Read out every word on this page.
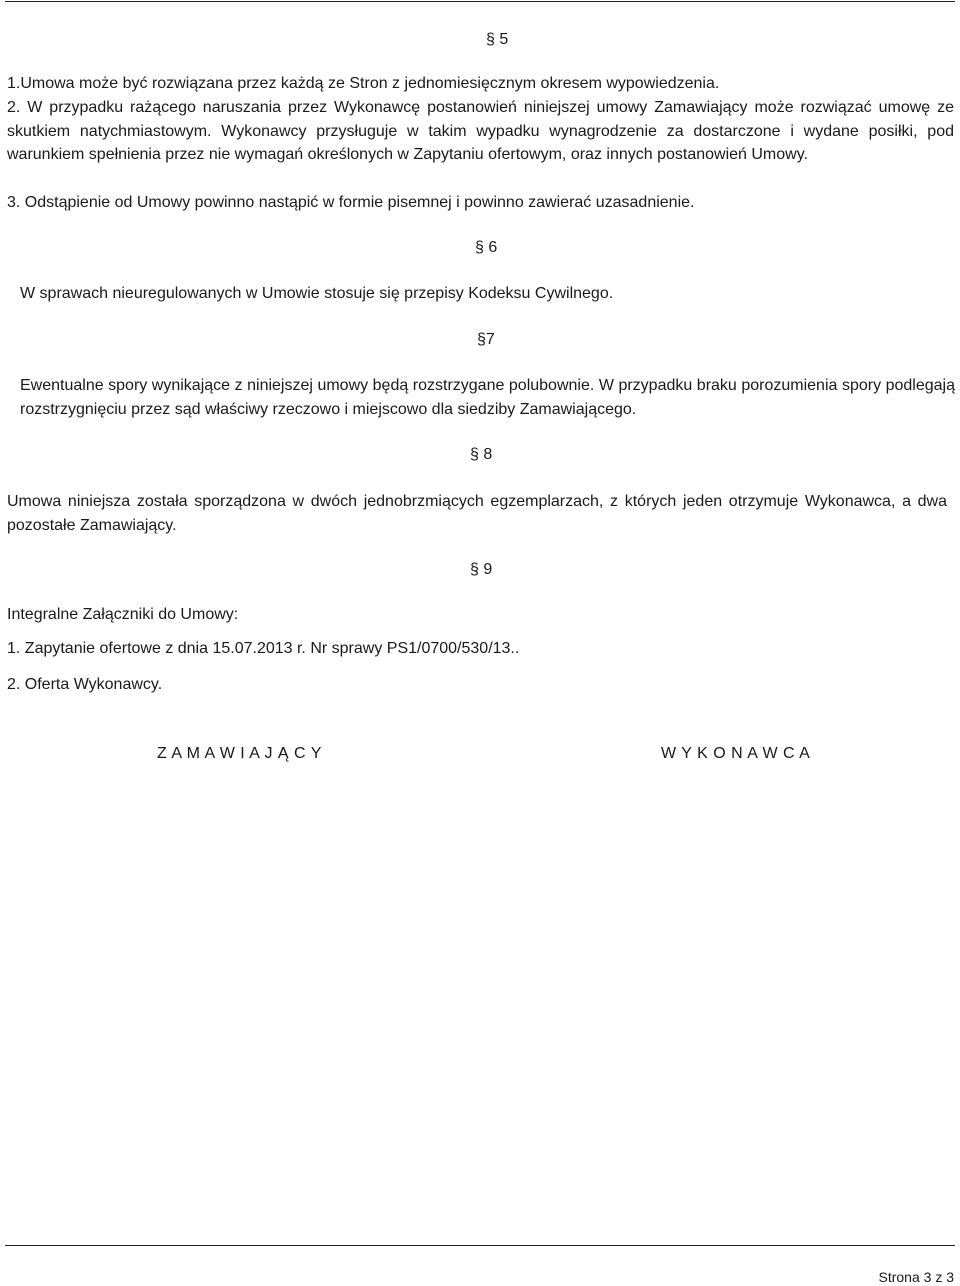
§ 5
1.Umowa może być rozwiązana przez każdą ze Stron z jednomiesięcznym okresem wypowiedzenia.
2. W przypadku rażącego naruszania przez Wykonawcę postanowień niniejszej umowy Zamawiający może rozwiązać umowę ze skutkiem natychmiastowym. Wykonawcy przysługuje w takim wypadku wynagrodzenie za dostarczone i wydane posiłki, pod warunkiem spełnienia przez nie wymagań określonych w Zapytaniu ofertowym, oraz innych postanowień Umowy.
3. Odstąpienie od Umowy powinno nastąpić w formie pisemnej i powinno zawierać uzasadnienie.
§ 6
W sprawach nieuregulowanych w Umowie stosuje się przepisy Kodeksu Cywilnego.
§7
Ewentualne spory wynikające z niniejszej umowy będą rozstrzygane polubownie. W przypadku braku porozumienia spory podlegają rozstrzygnięciu przez sąd właściwy rzeczowo i miejscowo dla siedziby Zamawiającego.
§ 8
Umowa niniejsza została sporządzona w dwóch jednobrzmiących egzemplarzach, z których jeden otrzymuje Wykonawca, a dwa pozostałe Zamawiający.
§ 9
Integralne Załączniki do Umowy:
1. Zapytanie ofertowe z dnia 15.07.2013 r. Nr sprawy PS1/0700/530/13..
2. Oferta Wykonawcy.
Z A M A W I A J Ą C Y	W Y K O N A W C A
Strona 3 z 3
